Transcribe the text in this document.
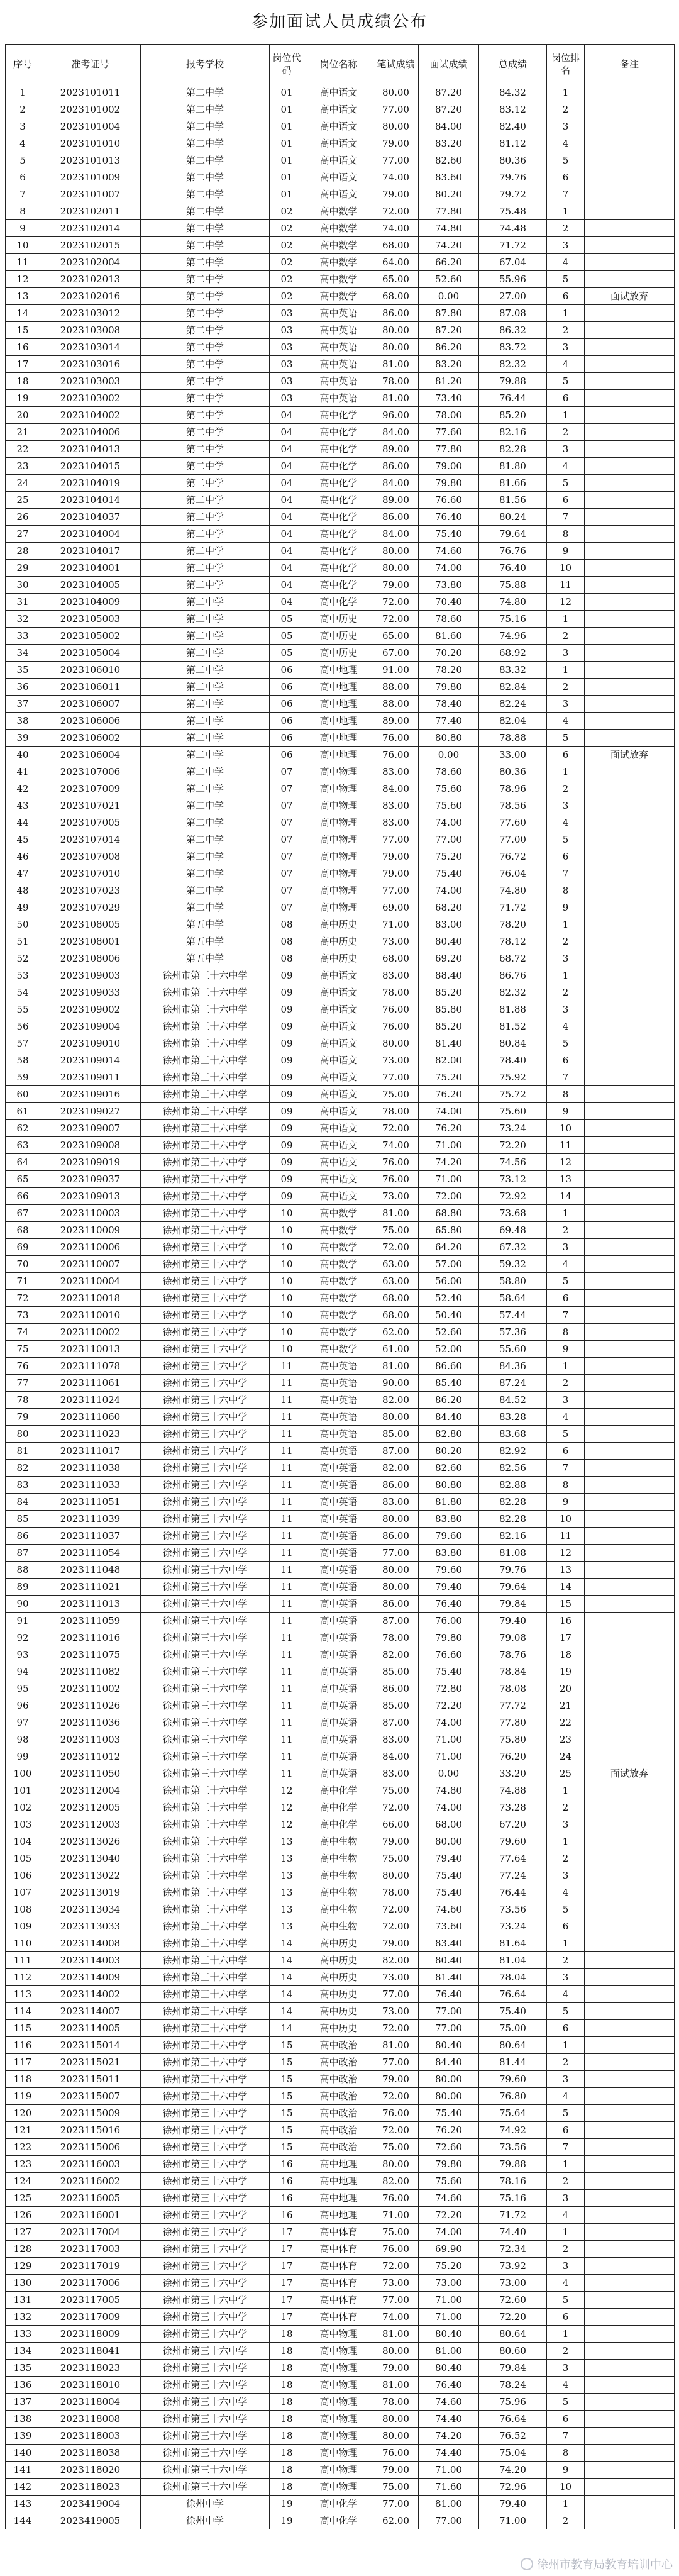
参加面试人员成绩公布
序号	准考证号	报考学校	岗位代码	岗位名称	笔试成绩	面试成绩	总成绩	岗位排名	备注
1	2023101011	第二中学	01	高中语文	80.00	87.20	84.32	1	
2	2023101002	第二中学	01	高中语文	77.00	87.20	83.12	2	
3	2023101004	第二中学	01	高中语文	80.00	84.00	82.40	3	
4	2023101010	第二中学	01	高中语文	79.00	83.20	81.12	4	
5	2023101013	第二中学	01	高中语文	77.00	82.60	80.36	5	
6	2023101009	第二中学	01	高中语文	74.00	83.60	79.76	6	
7	2023101007	第二中学	01	高中语文	79.00	80.20	79.72	7	
8	2023102011	第二中学	02	高中数学	72.00	77.80	75.48	1	
9	2023102014	第二中学	02	高中数学	74.00	74.80	74.48	2	
10	2023102015	第二中学	02	高中数学	68.00	74.20	71.72	3	
11	2023102004	第二中学	02	高中数学	64.00	66.20	67.04	4	
12	2023102013	第二中学	02	高中数学	65.00	52.60	55.96	5	
13	2023102016	第二中学	02	高中数学	68.00	0.00	27.00	6	面试放弃
14	2023103012	第二中学	03	高中英语	86.00	87.80	87.08	1	
15	2023103008	第二中学	03	高中英语	80.00	87.20	86.32	2	
16	2023103014	第二中学	03	高中英语	80.00	86.20	83.72	3	
17	2023103016	第二中学	03	高中英语	81.00	83.20	82.32	4	
18	2023103003	第二中学	03	高中英语	78.00	81.20	79.88	5	
19	2023103002	第二中学	03	高中英语	81.00	73.40	76.44	6	
20	2023104002	第二中学	04	高中化学	96.00	78.00	85.20	1	
21	2023104006	第二中学	04	高中化学	84.00	77.60	82.16	2	
22	2023104013	第二中学	04	高中化学	89.00	77.80	82.28	3	
23	2023104015	第二中学	04	高中化学	86.00	79.00	81.80	4	
24	2023104019	第二中学	04	高中化学	84.00	79.80	81.66	5	
25	2023104014	第二中学	04	高中化学	89.00	76.60	81.56	6	
26	2023104037	第二中学	04	高中化学	86.00	76.40	80.24	7	
27	2023104004	第二中学	04	高中化学	84.00	75.40	79.64	8	
28	2023104017	第二中学	04	高中化学	80.00	74.60	76.76	9	
29	2023104001	第二中学	04	高中化学	80.00	74.00	76.40	10	
30	2023104005	第二中学	04	高中化学	79.00	73.80	75.88	11	
31	2023104009	第二中学	04	高中化学	72.00	70.40	74.80	12	
32	2023105003	第二中学	05	高中历史	72.00	78.60	75.16	1	
33	2023105002	第二中学	05	高中历史	65.00	81.60	74.96	2	
34	2023105004	第二中学	05	高中历史	67.00	70.20	68.92	3	
35	2023106010	第二中学	06	高中地理	91.00	78.20	83.32	1	
36	2023106011	第二中学	06	高中地理	88.00	79.80	82.84	2	
37	2023106007	第二中学	06	高中地理	88.00	78.40	82.24	3	
38	2023106006	第二中学	06	高中地理	89.00	77.40	82.04	4	
39	2023106002	第二中学	06	高中地理	76.00	80.80	78.88	5	
40	2023106004	第二中学	06	高中地理	76.00	0.00	33.00	6	面试放弃
41	2023107006	第二中学	07	高中物理	83.00	78.60	80.36	1	
42	2023107009	第二中学	07	高中物理	84.00	75.60	78.96	2	
43	2023107021	第二中学	07	高中物理	83.00	75.60	78.56	3	
44	2023107005	第二中学	07	高中物理	83.00	74.00	77.60	4	
45	2023107014	第二中学	07	高中物理	77.00	77.00	77.00	5	
46	2023107008	第二中学	07	高中物理	79.00	75.20	76.72	6	
47	2023107010	第二中学	07	高中物理	79.00	75.40	76.04	7	
48	2023107023	第二中学	07	高中物理	77.00	74.00	74.80	8	
49	2023107029	第二中学	07	高中物理	69.00	68.20	71.72	9	
50	2023108005	第五中学	08	高中历史	71.00	83.00	78.20	1	
51	2023108001	第五中学	08	高中历史	73.00	80.40	78.12	2	
52	2023108006	第五中学	08	高中历史	68.00	69.20	68.72	3	
53	2023109003	徐州市第三十六中学	09	高中语文	83.00	88.40	86.76	1	
54	2023109033	徐州市第三十六中学	09	高中语文	78.00	85.20	82.32	2	
55	2023109002	徐州市第三十六中学	09	高中语文	76.00	85.80	81.88	3	
56	2023109004	徐州市第三十六中学	09	高中语文	76.00	85.20	81.52	4	
57	2023109010	徐州市第三十六中学	09	高中语文	80.00	81.40	80.84	5	
58	2023109014	徐州市第三十六中学	09	高中语文	73.00	82.00	78.40	6	
59	2023109011	徐州市第三十六中学	09	高中语文	77.00	75.20	75.92	7	
60	2023109016	徐州市第三十六中学	09	高中语文	75.00	76.20	75.72	8	
61	2023109027	徐州市第三十六中学	09	高中语文	78.00	74.00	75.60	9	
62	2023109007	徐州市第三十六中学	09	高中语文	72.00	76.20	73.24	10	
63	2023109008	徐州市第三十六中学	09	高中语文	74.00	71.00	72.20	11	
64	2023109019	徐州市第三十六中学	09	高中语文	76.00	74.20	74.56	12	
65	2023109037	徐州市第三十六中学	09	高中语文	76.00	71.00	73.12	13	
66	2023109013	徐州市第三十六中学	09	高中语文	73.00	72.00	72.92	14	
67	2023110003	徐州市第三十六中学	10	高中数学	81.00	68.80	73.68	1	
68	2023110009	徐州市第三十六中学	10	高中数学	75.00	65.80	69.48	2	
69	2023110006	徐州市第三十六中学	10	高中数学	72.00	64.20	67.32	3	
70	2023110007	徐州市第三十六中学	10	高中数学	63.00	57.00	59.32	4	
71	2023110004	徐州市第三十六中学	10	高中数学	63.00	56.00	58.80	5	
72	2023110018	徐州市第三十六中学	10	高中数学	68.00	52.40	58.64	6	
73	2023110010	徐州市第三十六中学	10	高中数学	68.00	50.40	57.44	7	
74	2023110002	徐州市第三十六中学	10	高中数学	62.00	52.60	57.36	8	
75	2023110013	徐州市第三十六中学	10	高中数学	61.00	52.00	55.60	9	
76	2023111078	徐州市第三十六中学	11	高中英语	81.00	86.60	84.36	1	
77	2023111061	徐州市第三十六中学	11	高中英语	90.00	85.40	87.24	2	
78	2023111024	徐州市第三十六中学	11	高中英语	82.00	86.20	84.52	3	
79	2023111060	徐州市第三十六中学	11	高中英语	80.00	84.40	83.28	4	
80	2023111023	徐州市第三十六中学	11	高中英语	85.00	82.80	83.68	5	
81	2023111017	徐州市第三十六中学	11	高中英语	87.00	80.20	82.92	6	
82	2023111038	徐州市第三十六中学	11	高中英语	82.00	82.60	82.56	7	
83	2023111033	徐州市第三十六中学	11	高中英语	86.00	80.80	82.88	8	
84	2023111051	徐州市第三十六中学	11	高中英语	83.00	81.80	82.28	9	
85	2023111039	徐州市第三十六中学	11	高中英语	80.00	83.80	82.28	10	
86	2023111037	徐州市第三十六中学	11	高中英语	86.00	79.60	82.16	11	
87	2023111054	徐州市第三十六中学	11	高中英语	77.00	83.80	81.08	12	
88	2023111048	徐州市第三十六中学	11	高中英语	80.00	79.60	79.76	13	
89	2023111021	徐州市第三十六中学	11	高中英语	80.00	79.40	79.64	14	
90	2023111013	徐州市第三十六中学	11	高中英语	86.00	76.40	79.84	15	
91	2023111059	徐州市第三十六中学	11	高中英语	87.00	76.00	79.40	16	
92	2023111016	徐州市第三十六中学	11	高中英语	78.00	79.80	79.08	17	
93	2023111075	徐州市第三十六中学	11	高中英语	82.00	76.60	78.76	18	
94	2023111082	徐州市第三十六中学	11	高中英语	85.00	75.40	78.84	19	
95	2023111002	徐州市第三十六中学	11	高中英语	86.00	72.80	78.08	20	
96	2023111026	徐州市第三十六中学	11	高中英语	85.00	72.20	77.72	21	
97	2023111036	徐州市第三十六中学	11	高中英语	87.00	74.00	77.80	22	
98	2023111003	徐州市第三十六中学	11	高中英语	83.00	71.00	75.80	23	
99	2023111012	徐州市第三十六中学	11	高中英语	84.00	71.00	76.20	24	
100	2023111050	徐州市第三十六中学	11	高中英语	83.00	0.00	33.20	25	面试放弃
101	2023112004	徐州市第三十六中学	12	高中化学	75.00	74.80	74.88	1	
102	2023112005	徐州市第三十六中学	12	高中化学	72.00	74.00	73.28	2	
103	2023112003	徐州市第三十六中学	12	高中化学	66.00	68.00	67.20	3	
104	2023113026	徐州市第三十六中学	13	高中生物	79.00	80.00	79.60	1	
105	2023113040	徐州市第三十六中学	13	高中生物	75.00	79.40	77.64	2	
106	2023113022	徐州市第三十六中学	13	高中生物	80.00	75.40	77.24	3	
107	2023113019	徐州市第三十六中学	13	高中生物	78.00	75.40	76.44	4	
108	2023113034	徐州市第三十六中学	13	高中生物	72.00	74.60	73.56	5	
109	2023113033	徐州市第三十六中学	13	高中生物	72.00	73.60	73.24	6	
110	2023114008	徐州市第三十六中学	14	高中历史	79.00	83.40	81.64	1	
111	2023114003	徐州市第三十六中学	14	高中历史	82.00	80.40	81.04	2	
112	2023114009	徐州市第三十六中学	14	高中历史	73.00	81.40	78.04	3	
113	2023114002	徐州市第三十六中学	14	高中历史	77.00	76.40	76.64	4	
114	2023114007	徐州市第三十六中学	14	高中历史	73.00	77.00	75.40	5	
115	2023114005	徐州市第三十六中学	14	高中历史	72.00	77.00	75.00	6	
116	2023115014	徐州市第三十六中学	15	高中政治	81.00	80.40	80.64	1	
117	2023115021	徐州市第三十六中学	15	高中政治	77.00	84.40	81.44	2	
118	2023115011	徐州市第三十六中学	15	高中政治	79.00	80.00	79.60	3	
119	2023115007	徐州市第三十六中学	15	高中政治	72.00	80.00	76.80	4	
120	2023115009	徐州市第三十六中学	15	高中政治	76.00	75.40	75.64	5	
121	2023115016	徐州市第三十六中学	15	高中政治	72.00	76.20	74.92	6	
122	2023115006	徐州市第三十六中学	15	高中政治	75.00	72.60	73.56	7	
123	2023116003	徐州市第三十六中学	16	高中地理	80.00	79.80	79.88	1	
124	2023116002	徐州市第三十六中学	16	高中地理	82.00	75.60	78.16	2	
125	2023116005	徐州市第三十六中学	16	高中地理	76.00	74.60	75.16	3	
126	2023116001	徐州市第三十六中学	16	高中地理	71.00	72.20	71.72	4	
127	2023117004	徐州市第三十六中学	17	高中体育	75.00	74.00	74.40	1	
128	2023117003	徐州市第三十六中学	17	高中体育	76.00	69.90	72.34	2	
129	2023117019	徐州市第三十六中学	17	高中体育	72.00	75.20	73.92	3	
130	2023117006	徐州市第三十六中学	17	高中体育	73.00	73.00	73.00	4	
131	2023117005	徐州市第三十六中学	17	高中体育	77.00	71.00	72.60	5	
132	2023117009	徐州市第三十六中学	17	高中体育	74.00	71.00	72.20	6	
133	2023118009	徐州市第三十六中学	18	高中物理	81.00	80.40	80.64	1	
134	2023118041	徐州市第三十六中学	18	高中物理	80.00	81.00	80.60	2	
135	2023118023	徐州市第三十六中学	18	高中物理	79.00	80.40	79.84	3	
136	2023118010	徐州市第三十六中学	18	高中物理	81.00	76.40	78.24	4	
137	2023118004	徐州市第三十六中学	18	高中物理	78.00	74.60	75.96	5	
138	2023118008	徐州市第三十六中学	18	高中物理	80.00	74.40	76.64	6	
139	2023118003	徐州市第三十六中学	18	高中物理	80.00	74.20	76.52	7	
140	2023118038	徐州市第三十六中学	18	高中物理	76.00	74.40	75.04	8	
141	2023118020	徐州市第三十六中学	18	高中物理	79.00	71.00	74.20	9	
142	2023118023	徐州市第三十六中学	18	高中物理	75.00	71.60	72.96	10	
143	2023419004	徐州中学	19	高中化学	77.00	81.00	79.40	1	
144	2023419005	徐州中学	19	高中化学	62.00	77.00	71.00	2	
徐州市教育局教育培训中心
